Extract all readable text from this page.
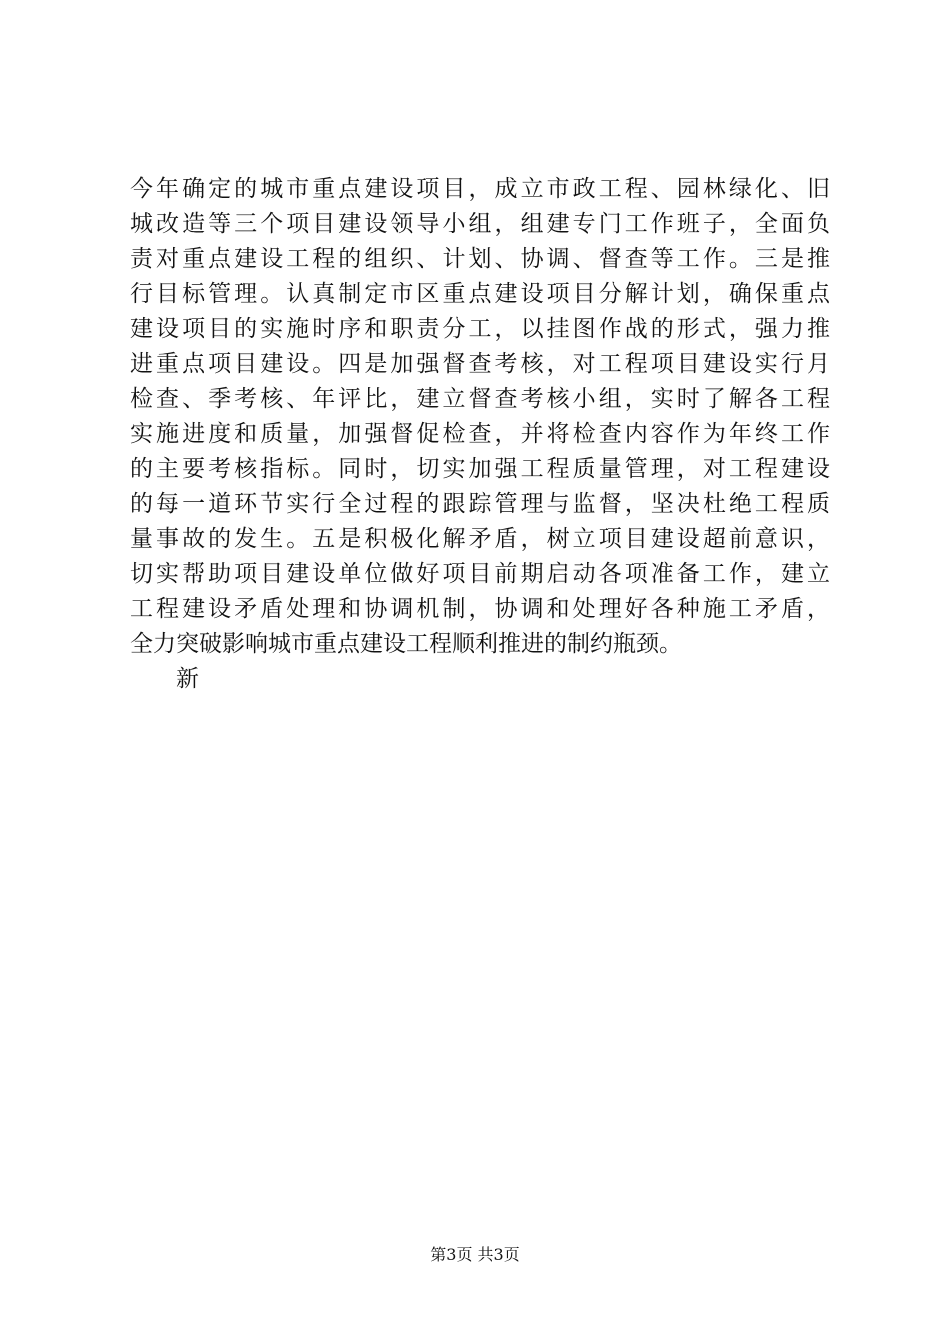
今年确定的城市重点建设项目，成立市政工程、园林绿化、旧
城改造等三个项目建设领导小组，组建专门工作班子，全面负
责对重点建设工程的组织、计划、协调、督查等工作。三是推
行目标管理。认真制定市区重点建设项目分解计划，确保重点
建设项目的实施时序和职责分工，以挂图作战的形式，强力推
进重点项目建设。四是加强督查考核，对工程项目建设实行月
检查、季考核、年评比，建立督查考核小组，实时了解各工程
实施进度和质量，加强督促检查，并将检查内容作为年终工作
的主要考核指标。同时，切实加强工程质量管理，对工程建设
的每一道环节实行全过程的跟踪管理与监督，坚决杜绝工程质
量事故的发生。五是积极化解矛盾，树立项目建设超前意识，
切实帮助项目建设单位做好项目前期启动各项准备工作，建立
工程建设矛盾处理和协调机制，协调和处理好各种施工矛盾，
全力突破影响城市重点建设工程顺利推进的制约瓶颈。
新
第3页 共3页
